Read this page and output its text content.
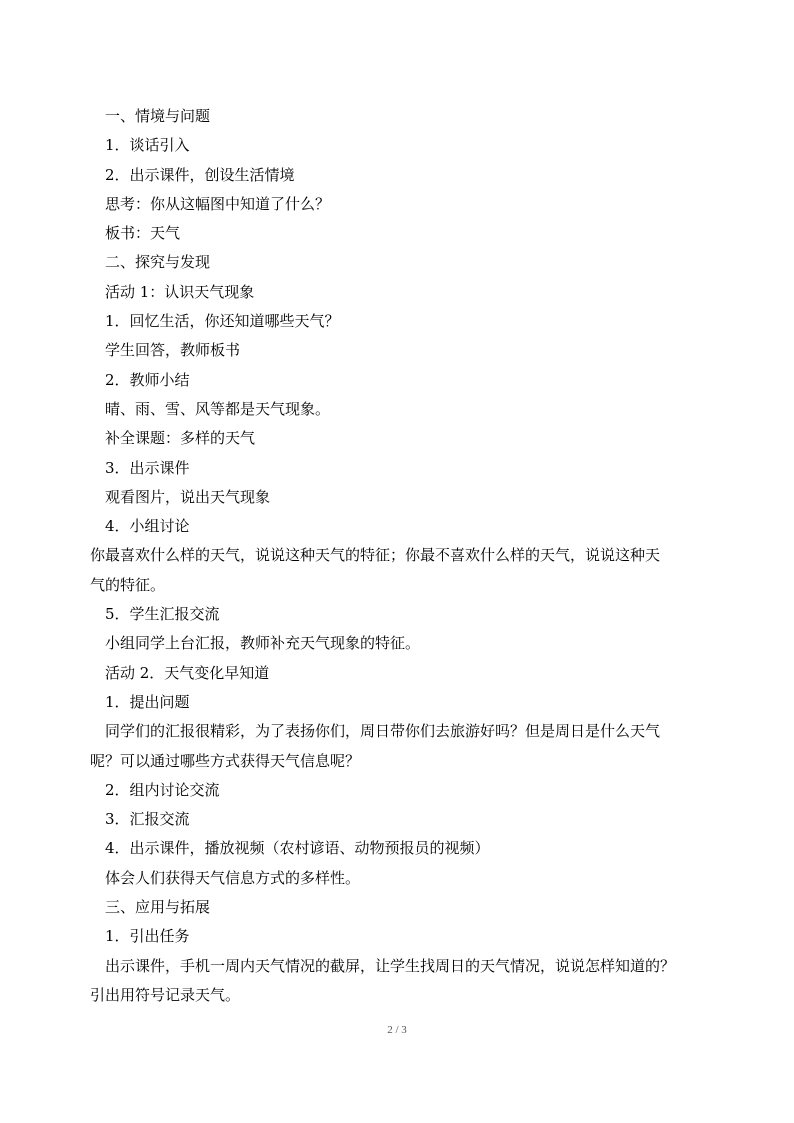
一、情境与问题

1．谈话引入

2．出示课件，创设生活情境

思考：你从这幅图中知道了什么？

板书：天气

二、探究与发现

活动 1：认识天气现象

1．回忆生活，你还知道哪些天气？

学生回答，教师板书

2．教师小结

晴、雨、雪、风等都是天气现象。

补全课题：多样的天气

3．出示课件

观看图片，说出天气现象

4．小组讨论

你最喜欢什么样的天气，说说这种天气的特征；你最不喜欢什么样的天气，说说这种天

气的特征。

5．学生汇报交流

小组同学上台汇报，教师补充天气现象的特征。

活动 2．天气变化早知道

1．提出问题

同学们的汇报很精彩，为了表扬你们，周日带你们去旅游好吗？但是周日是什么天气

呢？可以通过哪些方式获得天气信息呢？

2．组内讨论交流

3．汇报交流

4．出示课件，播放视频（农村谚语、动物预报员的视频）

体会人们获得天气信息方式的多样性。

三、应用与拓展

1．引出任务

出示课件，手机一周内天气情况的截屏，让学生找周日的天气情况，说说怎样知道的？

引出用符号记录天气。

2 / 3
